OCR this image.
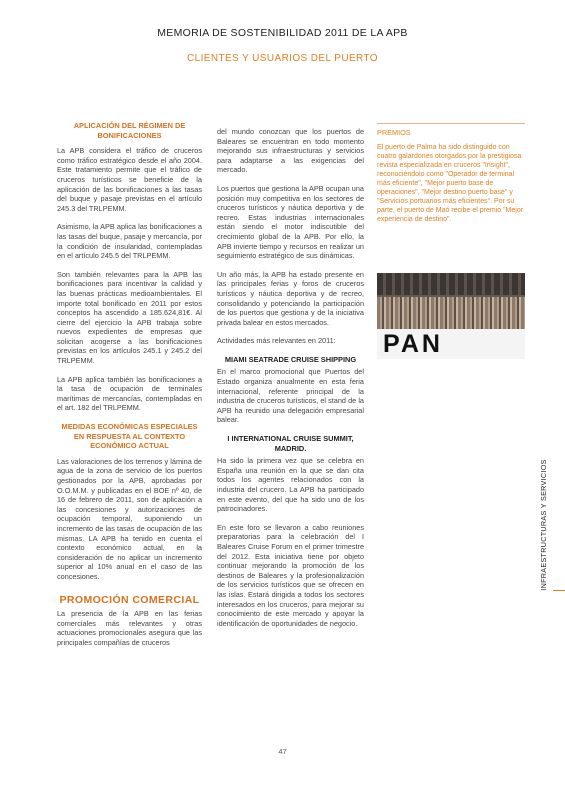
MEMORIA DE SOSTENIBILIDAD 2011 DE LA APB
CLIENTES Y USUARIOS DEL PUERTO
APLICACIÓN DEL RÉGIMEN DE
BONIFICACIONES

La APB considera el tráfico de cruceros como tráfico estratégico desde el año 2004. Este tratamiento permite que el tráfico de cruceros turísticos se beneficie de la aplicación de las bonificaciones a las tasas del buque y pasaje previstas en el artículo 245.3 del TRLPEMM.

Asimismo, la APB aplica las bonificaciones a las tasas del buque, pasaje y mercancía, por la condición de insularidad, contempladas en el artículo 245.5 del TRLPEMM.

Son también relevantes para la APB las bonificaciones para incentivar la calidad y las buenas prácticas medioambientales. El importe total bonificado en 2011 por estos conceptos ha ascendido a 185.624,81€. Al cierre del ejercicio la APB trabaja sobre nuevos expedientes de empresas que solicitan acogerse a las bonificaciones previstas en los artículos 245.1 y 245.2 del TRLPEMM.

La APB aplica también las bonificaciones a la tasa de ocupación de terminales marítimas de mercancías, contempladas en el art. 182 del TRLPEMM.

MEDIDAS ECONÓMICAS ESPECIALES
EN RESPUESTA AL CONTEXTO
ECONÓMICO ACTUAL

Las valoraciones de los terrenos y lámina de agua de la zona de servicio de los puertos gestionados por la APB, aprobadas por O.O.M.M. y publicadas en el BOE nº 40, de 16 de febrero de 2011, son de aplicación a las concesiones y autorizaciones de ocupación temporal, suponiendo un incremento de las tasas de ocupación de las mismas. LA APB ha tenido en cuenta el contexto económico actual, en la consideración de no aplicar un incremento superior al 10% anual en el caso de las concesiones.

PROMOCIÓN COMERCIAL

La presencia de la APB en las ferias comerciales más relevantes y otras actuaciones promocionales asegura que las principales compañías de cruceros

del mundo conozcan que los puertos de Baleares se encuentran en todo momento mejorando sus infraestructuras y servicios para adaptarse a las exigencias del mercado.

Los puertos que gestiona la APB ocupan una posición muy competitiva en los sectores de cruceros turísticos y náutica deportiva y de recreo. Estas industrias internacionales están siendo el motor indiscutible del crecimiento global de la APB. Por ello, la APB invierte tiempo y recursos en realizar un seguimiento estratégico de sus dinámicas.

Un año más, la APB ha estado presente en las principales ferias y foros de cruceros turísticos y náutica deportiva y de recreo, consolidando y potenciando la participación de los puertos que gestiona y de la iniciativa privada balear en estos mercados.

Actividades más relevantes en 2011:

MIAMI SEATRADE CRUISE SHIPPING

En el marco promocional que Puertos del Estado organiza anualmente en esta feria internacional, referente principal de la industria de cruceros turísticos, el stand de la APB ha reunido una delegación empresarial balear.

I INTERNATIONAL CRUISE SUMMIT,
MADRID.

Ha sido la primera vez que se celebra en España una reunión en la que se dan cita todos los agentes relacionados con la industria del crucero. La APB ha participado en este evento, del que ha sido uno de los patrocinadores.

En este foro se llevaron a cabo reuniones preparatorias para la celebración del I Baleares Cruise Forum en el primer trimestre del 2012. Esta iniciativa tiene por objeto continuar mejorando la promoción de los destinos de Baleares y la profesionalización de los servicios turísticos que se ofrecen en las islas. Estará dirigida a todos los sectores interesados en los cruceros, para mejorar su conocimiento de este mercado y apoyar la identificación de oportunidades de negocio.

PREMIOS

El puerto de Palma ha sido distinguido con cuatro galardones otorgados por la prestigiosa revista especializada en cruceros "Insight", reconociéndolo como "Operador de terminal más eficiente", "Mejor puerto base de operaciones", "Mejor destino puerto base" y "Servicios portuarios más eficientes". Por su parte, el puerto de Maó recibe el premio "Mejor experiencia de destino".

PAN
INFRAESTRUCTURAS Y SERVICIOS
47
